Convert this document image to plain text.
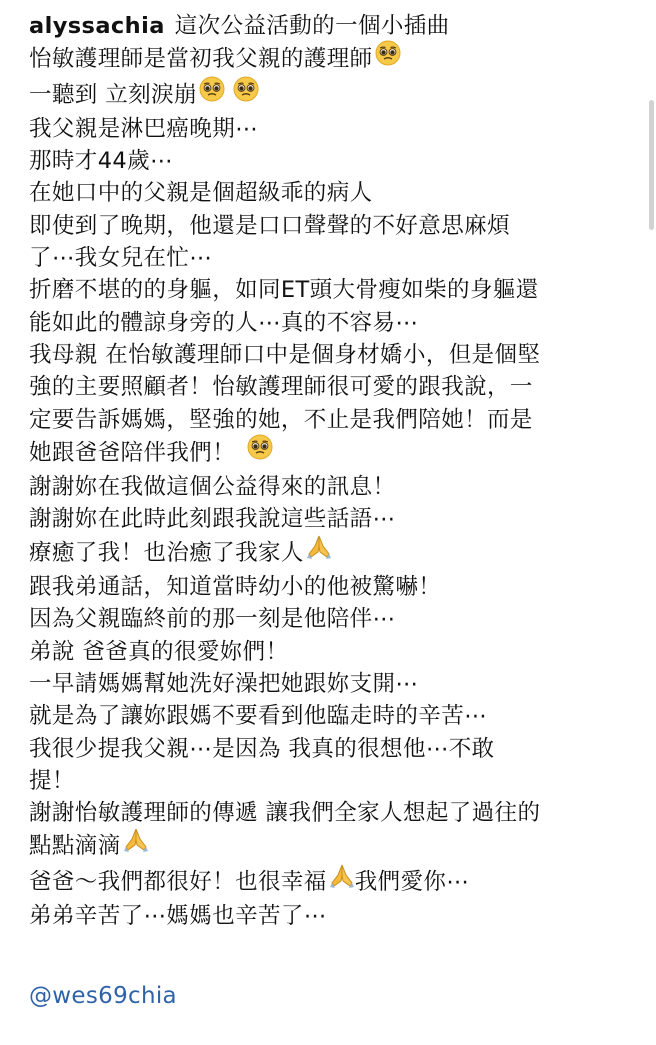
alyssachia 這次公益活動的一個小插曲
怡敏護理師是當初我父親的護理師
一聽到 立刻淚崩
我父親是淋巴癌晚期⋯
那時才44歲⋯
在她口中的父親是個超級乖的病人
即使到了晚期，他還是口口聲聲的不好意思麻煩
了⋯我女兒在忙⋯
折磨不堪的的身軀，如同ET頭大骨瘦如柴的身軀還
能如此的體諒身旁的人⋯真的不容易⋯
我母親 在怡敏護理師口中是個身材嬌小，但是個堅
強的主要照顧者！怡敏護理師很可愛的跟我說，一
定要告訴媽媽，堅強的她，不止是我們陪她！而是
她跟爸爸陪伴我們！
謝謝妳在我做這個公益得來的訊息！
謝謝妳在此時此刻跟我說這些話語⋯
療癒了我！也治癒了我家人
跟我弟通話，知道當時幼小的他被驚嚇！
因為父親臨終前的那一刻是他陪伴⋯
弟說 爸爸真的很愛妳們！
一早請媽媽幫她洗好澡把她跟妳支開⋯
就是為了讓妳跟媽不要看到他臨走時的辛苦⋯
我很少提我父親⋯是因為 我真的很想他⋯不敢
提！
謝謝怡敏護理師的傳遞 讓我們全家人想起了過往的
點點滴滴
爸爸～我們都很好！也很幸福 我們愛你⋯
弟弟辛苦了⋯媽媽也辛苦了⋯
@wes69chia
